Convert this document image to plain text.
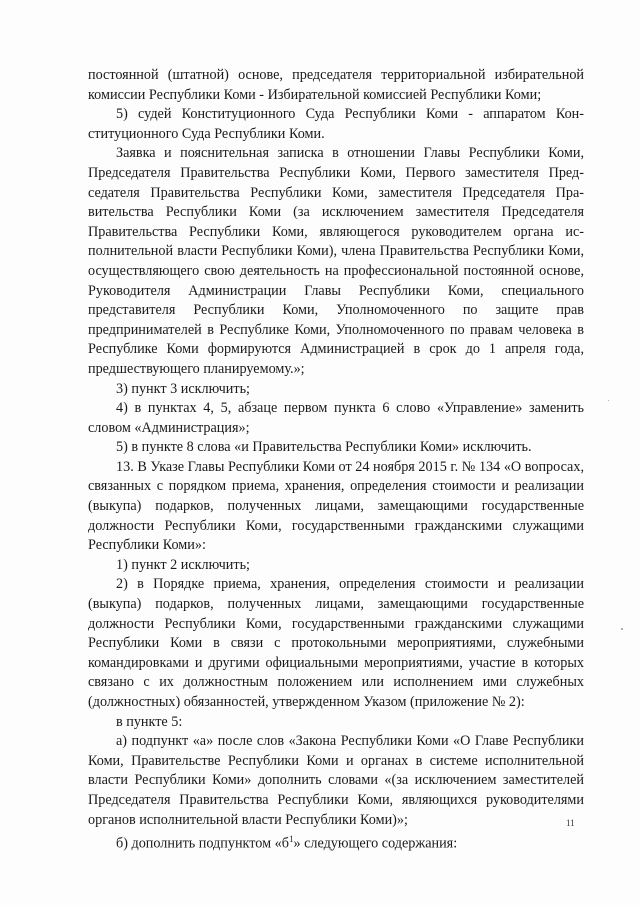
постоянной (штатной) основе, председателя территориальной избирательной комиссии Республики Коми - Избирательной комиссией Республики Коми;

5) судей Конституционного Суда Республики Коми - аппаратом Конституционного Суда Республики Коми.

Заявка и пояснительная записка в отношении Главы Республики Коми, Председателя Правительства Республики Коми, Первого заместителя Председателя Правительства Республики Коми, заместителя Председателя Правительства Республики Коми (за исключением заместителя Председателя Правительства Республики Коми, являющегося руководителем органа исполнительной власти Республики Коми), члена Правительства Республики Коми, осуществляющего свою деятельность на профессиональной постоянной основе, Руководителя Администрации Главы Республики Коми, специального представителя Республики Коми, Уполномоченного по защите прав предпринимателей в Республике Коми, Уполномоченного по правам человека в Республике Коми формируются Администрацией в срок до 1 апреля года, предшествующего планируемому.»;

3) пункт 3 исключить;

4) в пунктах 4, 5, абзаце первом пункта 6 слово «Управление» заменить словом «Администрация»;

5) в пункте 8 слова «и Правительства Республики Коми» исключить.

13. В Указе Главы Республики Коми от 24 ноября 2015 г. № 134 «О вопросах, связанных с порядком приема, хранения, определения стоимости и реализации (выкупа) подарков, полученных лицами, замещающими государственные должности Республики Коми, государственными гражданскими служащими Республики Коми»:

1) пункт 2 исключить;

2) в Порядке приема, хранения, определения стоимости и реализации (выкупа) подарков, полученных лицами, замещающими государственные должности Республики Коми, государственными гражданскими служащими Республики Коми в связи с протокольными мероприятиями, служебными командировками и другими официальными мероприятиями, участие в которых связано с их должностным положением или исполнением ими служебных (должностных) обязанностей, утвержденном Указом (приложение № 2):

в пункте 5:

а) подпункт «а» после слов «Закона Республики Коми «О Главе Республики Коми, Правительстве Республики Коми и органах в системе исполнительной власти Республики Коми» дополнить словами «(за исключением заместителей Председателя Правительства Республики Коми, являющихся руководителями органов исполнительной власти Республики Коми)»;

б) дополнить подпунктом «$б^1$» следующего содержания:

11
